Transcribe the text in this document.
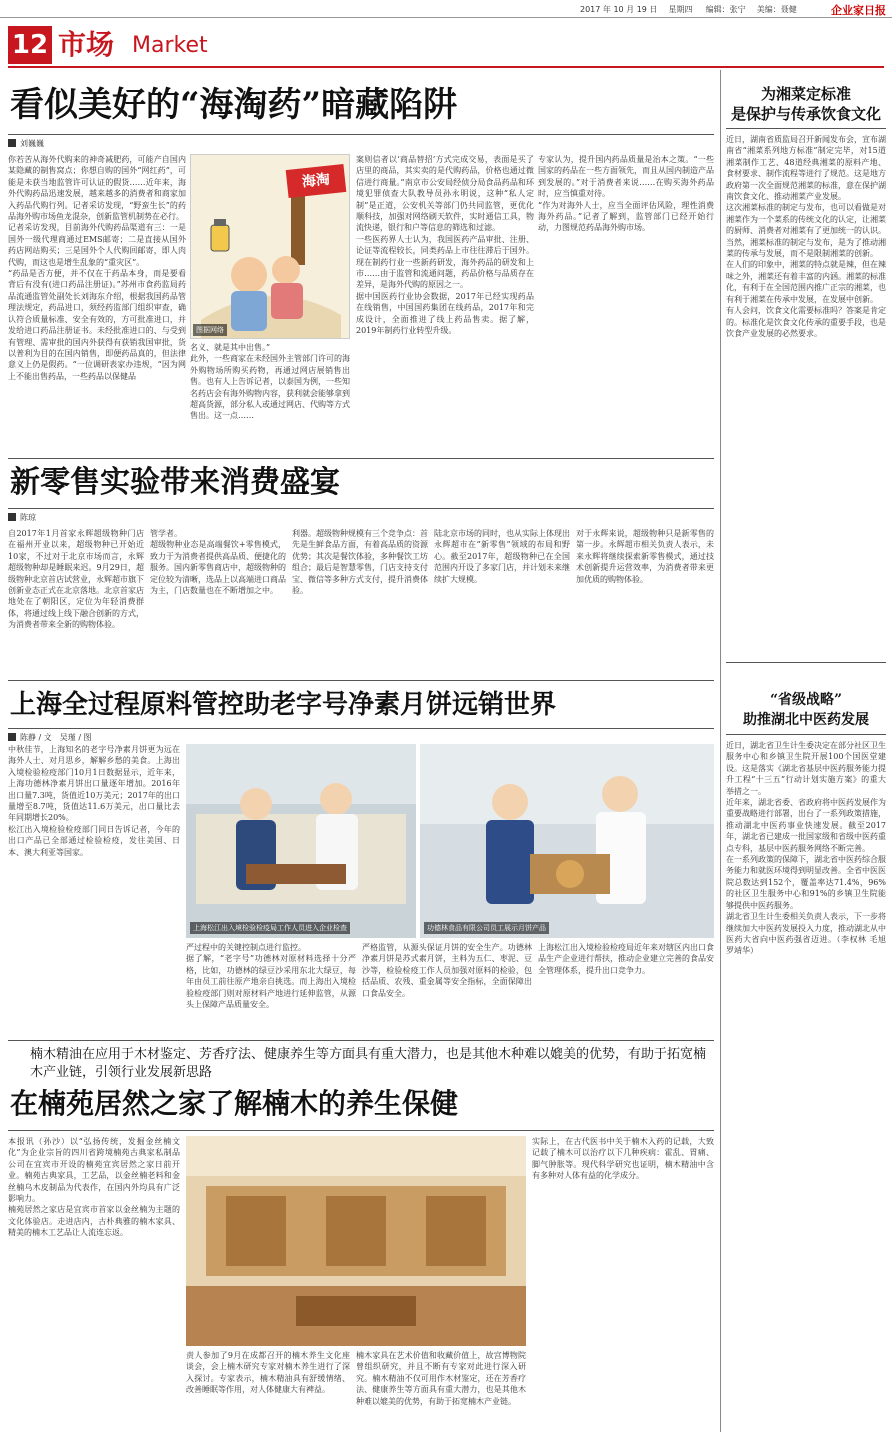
2017 年 10 月 19 日 星期四 编辑：张宁 美编：聂健	企业家日报
12 市场 Market
看似美好的“海淘药”暗藏陷阱
刘巍巍
海淘
图据网络
你若苦从海外代购来的神奇减肥药，可能产自国内某隐藏的制售窝点；你想自购的国外“网红药”，可能是未获当地监管许可认证的假货……近年来，海外代购药品迅速发展，越来越多的消费者和商家加入药品代购行列。记者采访发现，“野蛮生长”的药品海外购市场鱼龙混杂，创新监管机制势在必行。
记者采访发现，目前海外代购药品渠道有三：一是国外一级代理商通过EMS邮寄；二是直接从国外药店网站购买；三是国外个人代购回邮寄，即人肉代购，而这也是增生乱象的“重灾区”。
“药品是否方便，并不仅在于药品本身，而是要看背后有没有(进口药品注册证)。”苏州市食药监局药品流通监管处副处长刘海东介绍，根据我国药品管理法规定，药品进口，须经药监部门组织审查，确认符合质量标准、安全有效的，方可批准进口，并发给进口药品注册证书。未经批准进口的、与受到有管理、需审批的国内外获得有获销我国审批，货以普利为目的在国内销售，即便药品真的，但法律意义上仍是假药。“一位调研表家办违规，“因为网上不能出售药品，一些药品以保健品
名义、就是其中出售。”
此外，一些商家在未经国外主管部门许可的海外购物场所购买药物，再通过网店展销售出售。也有人上告诉记者，以泰国为例，一些知名药店会有海外购物内容，获利就会能够拿到超高货源，部分私人或通过网店、代购等方式售出。这一点……
案则信者以‘商品替招’方式完成交易，表面是买了店里的商品，其实卖的是代购药品，价格也通过微信进行商量。”南京市公安局经侦分局食品药品和环境犯罪侦查大队教导员孙永明说，这种“私人定制”是正道，公安机关等部门仍共同监管，更优化顺科技，加强对网络刷天软件，实时通信工具，物流快递，银行和户等信息的筛选和过滤。
一些医药界人士认为，我国医药产品审批、注册、论证等流程较长，同类药品上市往往滞后于国外。现在制药行业一些新药研发，海外药品的研发和上市……由于监管和流通问题，药品价格与品质存在差异，是海外代购的原因之一。
据中国医药行业协会数据，2017年已经实现药品在线销售，中国国药集团在线药品，2017年和完成设计，全面推进了线上药品售卖。据了解，2019年制药行业转型升级。
专家认为，提升国内药品质量是治本之策。“一些国家的药品在一些方面领先，而且从国内制造产品到发展的。”对于消费者来说……在购买海外药品时，应当慎重对待。
“作为对海外人士，应当全面评估风险，理性消费海外药品。”记者了解到，监管部门已经开始行动，力图规范药品海外购市场。
新零售实验带来消费盛宴
陈琼
自2017年1月首家永辉超级物种门店在福州开业以来，超级物种已开始近10家，不过对于北京市场而言，永辉超级物种却是睡眠来迟。9月29日，超级物种北京首店试营业，永辉超市旗下创新业态正式在北京落地。北京首家店地处在了朝阳区，定位为年轻消费群体，将通过线上线下融合创新的方式，为消费者带来全新的购物体验。
管学者。
超级物种业态是高端餐饮+零售模式，致力于为消费者提供高品质、便捷化的服务。国内新零售商店中，超级物种的定位较为清晰，选品上以高端进口商品为主，门店数量也在不断增加之中。
利器。超级物种规模有三个竞争点：首先是生鲜食品方面，有着高品质的资源优势；其次是餐饮体验，多种餐饮工坊组合；最后是智慧零售，门店支持支付宝、微信等多种方式支付，提升消费体验。
陆北京市场的同时，也从实际上体现出永辉超市在“新零售”领域的布局和野心。截至2017年，超级物种已在全国范围内开设了多家门店，并计划未来继续扩大规模。
对于永辉来说，超级物种只是新零售的第一步。永辉超市相关负责人表示，未来永辉将继续探索新零售模式，通过技术创新提升运营效率，为消费者带来更加优质的购物体验。
上海全过程原料管控助老字号净素月饼远销世界
陈静 / 文　吴瑾 / 图
上海松江出入境检验检疫局工作人员进入企业检查	功德林食品有限公司员工展示月饼产品
中秋佳节，上海知名的老字号净素月饼更为远在海外人士、对月思乡，解解乡愁的美食。上海出入境检验检疫部门10月1日数据显示，近年来，上海功德林净素月饼出口量逐年增加。2016年出口量7.3吨，货值近10万美元；2017年的出口量增至8.7吨，货值达11.6万美元，出口量比去年同期增长20%。
松江出入境检验检疫部门同日告诉记者，今年的出口产品已全部通过检验检疫，发往美国、日本、澳大利亚等国家。
严过程中的关键控制点进行监控。
据了解，“老字号”功德林对原材料选择十分严格，比如，功德林的绿豆沙采用东北大绿豆，每年由员工前往原产地亲自挑选。而上海出入境检验检疫部门则对原材料产地进行延伸监管，从源头上保障产品质量安全。
严格监管，从源头保证月饼的安全生产。功德林净素月饼是苏式素月饼，主料为五仁、枣泥、豆沙等，检验检疫工作人员加强对原料的检验，包括品质、农残、重金属等安全指标，全面保障出口食品安全。
上海松江出入境检验检疫局近年来对辖区内出口食品生产企业进行帮扶，推动企业建立完善的食品安全管理体系，提升出口竞争力。
楠木精油在应用于木材鉴定、芳香疗法、健康养生等方面具有重大潜力，也是其他木种难以媲美的优势，有助于拓宽楠木产业链，引领行业发展新思路
在楠苑居然之家了解楠木的养生保健
本报讯（孙沙）以“弘扬传统，发掘金丝楠文化”为企业宗旨的四川省跨境楠苑古典家私制品公司在宜宾市开设的楠苑宜宾居然之家日前开业。楠苑古典家具，工艺品，以金丝楠老料和金丝楠乌木皮制品为代表作，在国内外均具有广泛影响力。
楠苑居然之家店是宜宾市首家以金丝楠为主题的文化体验店。走进店内，古朴典雅的楠木家具、精美的楠木工艺品让人流连忘返。
责人参加了9月在成都召开的楠木养生文化座谈会，会上楠木研究专家对楠木养生进行了深入探讨。专家表示，楠木精油具有舒缓情绪、改善睡眠等作用，对人体健康大有裨益。
楠木家具在艺术价值和收藏价值上，故宫博物院曾组织研究，并且不断有专家对此进行深入研究。楠木精油不仅可用作木材鉴定，还在芳香疗法、健康养生等方面具有重大潜力，也是其他木种难以媲美的优势，有助于拓宽楠木产业链。
实际上，在古代医书中关于楠木入药的记载，大致记载了楠木可以治疗以下几种疾病：霍乱、胃痛、脚气肿胀等。现代科学研究也证明，楠木精油中含有多种对人体有益的化学成分。
为湘菜定标准
是保护与传承饮食文化
近日，湖南省质监局召开新闻发布会，宣布湖南省“湘菜系列地方标准”制定完毕，对15道湘菜制作工艺、48道经典湘菜的原料产地、食材要求、制作流程等进行了规范。这是地方政府第一次全面规范湘菜的标准，意在保护湖南饮食文化、推动湘菜产业发展。
这次湘菜标准的制定与发布，也可以看做是对湘菜作为一个菜系的传统文化的认定，让湘菜的厨师、消费者对湘菜有了更加统一的认识。当然，湘菜标准的制定与发布，是为了推动湘菜的传承与发展，而不是限制湘菜的创新。
在人们的印象中，湘菜的特点就是辣，但在辣味之外，湘菜还有着丰富的内涵。湘菜的标准化，有利于在全国范围内推广正宗的湘菜，也有利于湘菜在传承中发展，在发展中创新。
有人会问，饮食文化需要标准吗？答案是肯定的。标准化是饮食文化传承的重要手段，也是饮食产业发展的必然要求。
“省级战略”
助推湖北中医药发展
近日，湖北省卫生计生委决定在部分社区卫生服务中心和乡镇卫生院开展100个国医堂建设。这是落实《湖北省基层中医药服务能力提升工程“十三五”行动计划实施方案》的重大举措之一。
近年来，湖北省委、省政府将中医药发展作为重要战略进行部署，出台了一系列政策措施，推动湖北中医药事业快速发展。截至2017年，湖北省已建成一批国家级和省级中医药重点专科，基层中医药服务网络不断完善。
在一系列政策的保障下，湖北省中医药综合服务能力和就医环境得到明显改善。全省中医医院总数达到152个，覆盖率达71.4%，96%的社区卫生服务中心和91%的乡镇卫生院能够提供中医药服务。
湖北省卫生计生委相关负责人表示，下一步将继续加大中医药发展投入力度，推动湖北从中医药大省向中医药强省迈进。（李权林 毛旭 罗靖华）
